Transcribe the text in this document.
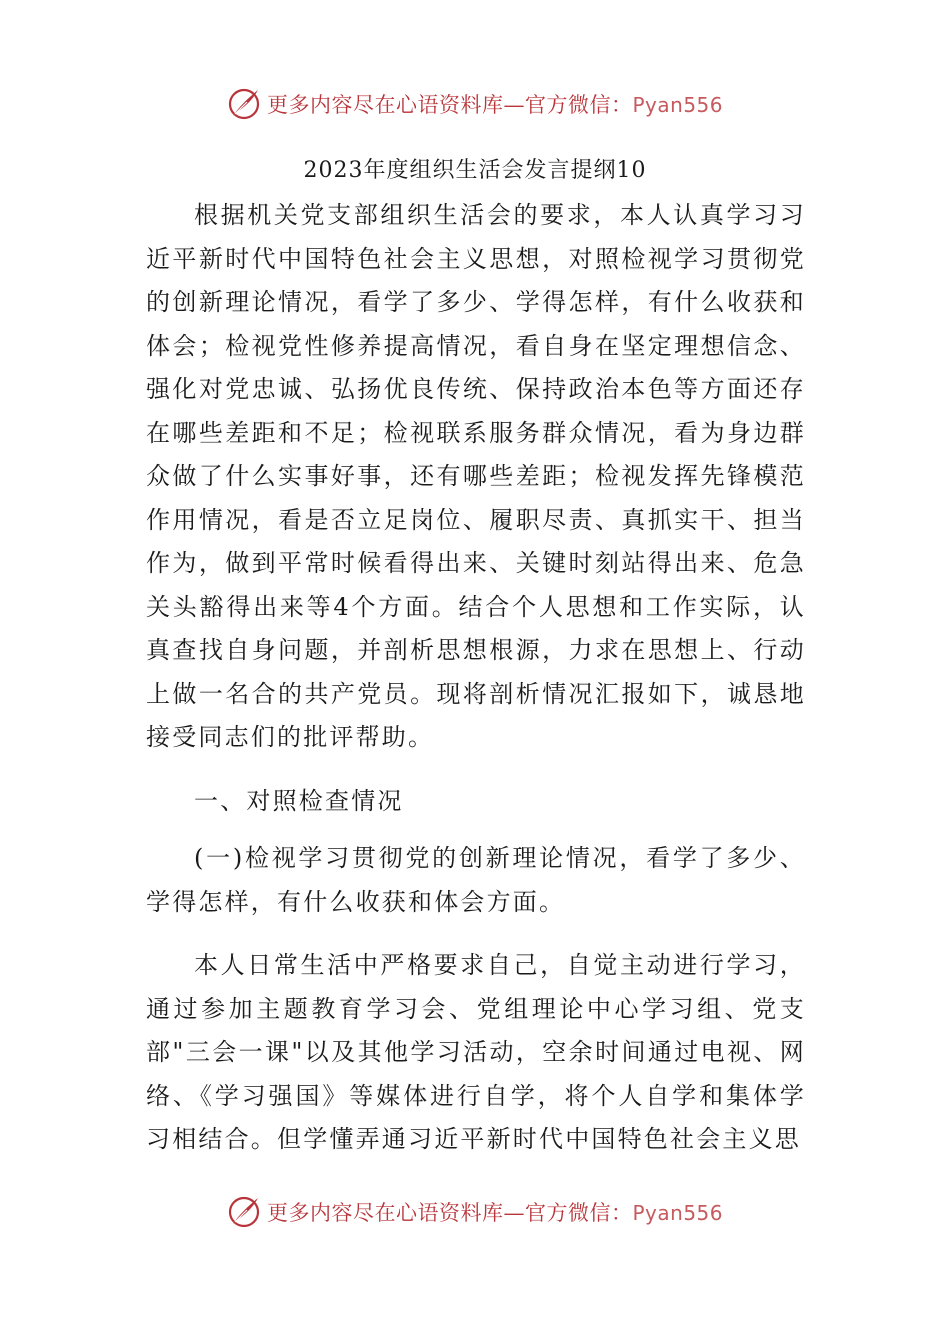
更多内容尽在心语资料库—官方微信：Pyan556
2023年度组织生活会发言提纲10

根据机关党支部组织生活会的要求，本人认真学习习近平新时代中国特色社会主义思想，对照检视学习贯彻党的创新理论情况，看学了多少、学得怎样，有什么收获和体会；检视党性修养提高情况，看自身在坚定理想信念、强化对党忠诚、弘扬优良传统、保持政治本色等方面还存在哪些差距和不足；检视联系服务群众情况，看为身边群众做了什么实事好事，还有哪些差距；检视发挥先锋模范作用情况，看是否立足岗位、履职尽责、真抓实干、担当作为，做到平常时候看得出来、关键时刻站得出来、危急关头豁得出来等4个方面。结合个人思想和工作实际，认真查找自身问题，并剖析思想根源，力求在思想上、行动上做一名合的共产党员。现将剖析情况汇报如下，诚恳地接受同志们的批评帮助。

一、对照检查情况

(一)检视学习贯彻党的创新理论情况，看学了多少、学得怎样，有什么收获和体会方面。

本人日常生活中严格要求自己，自觉主动进行学习，通过参加主题教育学习会、党组理论中心学习组、党支部"三会一课"以及其他学习活动，空余时间通过电视、网络、《学习强国》等媒体进行自学，将个人自学和集体学习相结合。但学懂弄通习近平新时代中国特色社会主义思

更多内容尽在心语资料库—官方微信：Pyan556
